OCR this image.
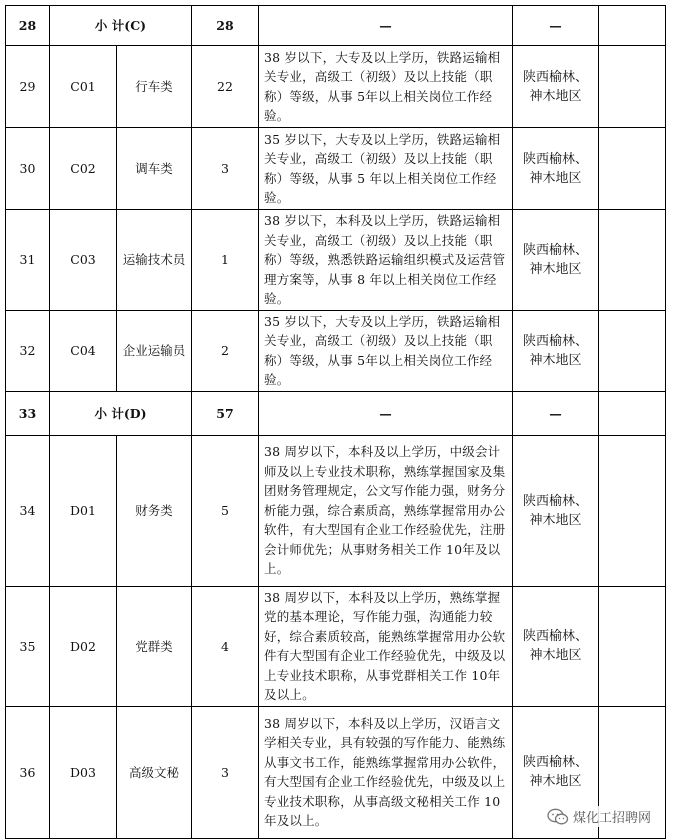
28	小 计(C)		28	—	—	
29	C01	行车类	22	38 岁以下，大专及以上学历，铁路运输相关专业，高级工（初级）及以上技能（职称）等级，从事 5年以上相关岗位工作经验。	陕西榆林、神木地区	
30	C02	调车类	3	35 岁以下，大专及以上学历，铁路运输相关专业，高级工（初级）及以上技能（职称）等级，从事 5 年以上相关岗位工作经验。	陕西榆林、神木地区	
31	C03	运输技术员	1	38 岁以下，本科及以上学历，铁路运输相关专业，高级工（初级）及以上技能（职称）等级，熟悉铁路运输组织模式及运营管理方案等，从事 8 年以上相关岗位工作经验。	陕西榆林、神木地区	
32	C04	企业运输员	2	35 岁以下，大专及以上学历，铁路运输相关专业，高级工（初级）及以上技能（职称）等级，从事 5年以上相关岗位工作经验。	陕西榆林、神木地区	
33	小 计(D)		57	—	—	
34	D01	财务类	5	38 周岁以下，本科及以上学历，中级会计师及以上专业技术职称，熟练掌握国家及集团财务管理规定，公文写作能力强，财务分析能力强，综合素质高，熟练掌握常用办公软件，有大型国有企业工作经验优先，注册会计师优先；从事财务相关工作 10年及以上。	陕西榆林、神木地区	
35	D02	党群类	4	38 周岁以下，本科及以上学历，熟练掌握党的基本理论，写作能力强，沟通能力较好，综合素质较高，能熟练掌握常用办公软件有大型国有企业工作经验优先，中级及以上专业技术职称，从事党群相关工作 10年及以上。	陕西榆林、神木地区	
36	D03	高级文秘	3	38 周岁以下，本科及以上学历，汉语言文学相关专业，具有较强的写作能力、能熟练从事文书工作，能熟练掌握常用办公软件，有大型国有企业工作经验优先，中级及以上专业技术职称，从事高级文秘相关工作 10年及以上。	陕西榆林、神木地区	
煤化工招聘网
